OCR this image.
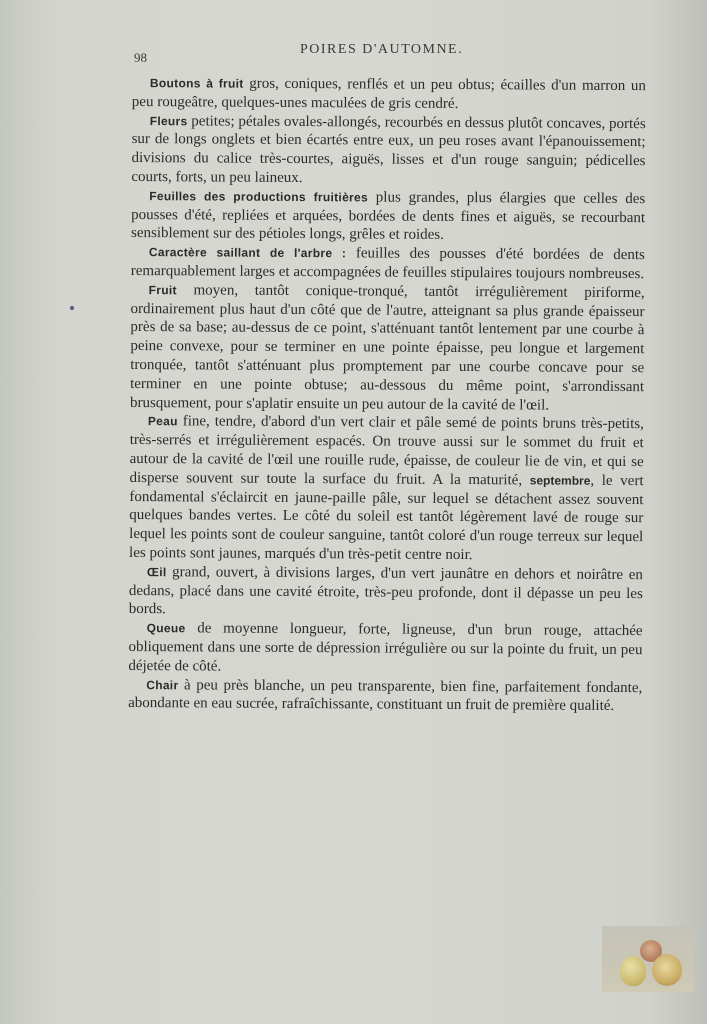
98
POIRES D'AUTOMNE.

Boutons à fruit gros, coniques, renflés et un peu obtus; écailles d'un marron un peu rougeâtre, quelques-unes maculées de gris cendré.

Fleurs petites; pétales ovales-allongés, recourbés en dessus plutôt concaves, portés sur de longs onglets et bien écartés entre eux, un peu roses avant l'épanouissement; divisions du calice très-courtes, aiguës, lisses et d'un rouge sanguin; pédicelles courts, forts, un peu laineux.

Feuilles des productions fruitières plus grandes, plus élargies que celles des pousses d'été, repliées et arquées, bordées de dents fines et aiguës, se recourbant sensiblement sur des pétioles longs, grêles et roides.

Caractère saillant de l'arbre : feuilles des pousses d'été bordées de dents remarquablement larges et accompagnées de feuilles stipulaires toujours nombreuses.

Fruit moyen, tantôt conique-tronqué, tantôt irrégulièrement piriforme, ordinairement plus haut d'un côté que de l'autre, atteignant sa plus grande épaisseur près de sa base; au-dessus de ce point, s'atténuant tantôt lentement par une courbe à peine convexe, pour se terminer en une pointe épaisse, peu longue et largement tronquée, tantôt s'atténuant plus promptement par une courbe concave pour se terminer en une pointe obtuse; au-dessous du même point, s'arrondissant brusquement, pour s'aplatir ensuite un peu autour de la cavité de l'œil.

Peau fine, tendre, d'abord d'un vert clair et pâle semé de points bruns très-petits, très-serrés et irrégulièrement espacés. On trouve aussi sur le sommet du fruit et autour de la cavité de l'œil une rouille rude, épaisse, de couleur lie de vin, et qui se disperse souvent sur toute la surface du fruit. A la maturité, septembre, le vert fondamental s'éclaircit en jaune-paille pâle, sur lequel se détachent assez souvent quelques bandes vertes. Le côté du soleil est tantôt légèrement lavé de rouge sur lequel les points sont de couleur sanguine, tantôt coloré d'un rouge terreux sur lequel les points sont jaunes, marqués d'un très-petit centre noir.

Œil grand, ouvert, à divisions larges, d'un vert jaunâtre en dehors et noirâtre en dedans, placé dans une cavité étroite, très-peu profonde, dont il dépasse un peu les bords.

Queue de moyenne longueur, forte, ligneuse, d'un brun rouge, attachée obliquement dans une sorte de dépression irrégulière ou sur la pointe du fruit, un peu déjetée de côté.

Chair à peu près blanche, un peu transparente, bien fine, parfaitement fondante, abondante en eau sucrée, rafraîchissante, constituant un fruit de première qualité.
